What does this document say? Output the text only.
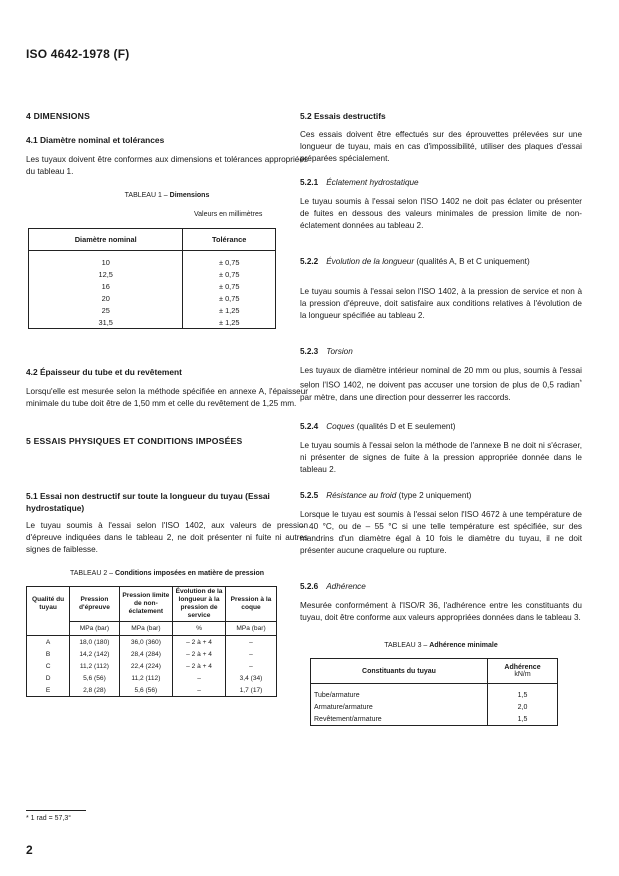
ISO 4642-1978 (F)
4 DIMENSIONS
4.1 Diamètre nominal et tolérances

Les tuyaux doivent être conformes aux dimensions et tolérances appropriées du tableau 1.

TABLEAU 1 – Dimensions
Valeurs en millimètres
Diamètre nominal	Tolérance

10	± 0,75
12,5	± 0,75
16	± 0,75
20	± 0,75
25	± 1,25
31,5	± 1,25
4.2 Épaisseur du tube et du revêtement

Lorsqu'elle est mesurée selon la méthode spécifiée en annexe A, l'épaisseur minimale du tube doit être de 1,50 mm et celle du revêtement de 1,25 mm.

5 ESSAIS PHYSIQUES ET CONDITIONS IMPOSÉES
5.1 Essai non destructif sur toute la longueur du tuyau (Essai hydrostatique)

Le tuyau soumis à l'essai selon l'ISO 1402, aux valeurs de pression d'épreuve indiquées dans le tableau 2, ne doit présenter ni fuite ni autres signes de faiblesse.

TABLEAU 2 – Conditions imposées en matière de pression
Qualité du tuyau	Pression d'épreuve	Pression limite de non-éclatement	Évolution de la longueur à la pression de service	Pression à la coque
	MPa (bar)	MPa (bar)	%	MPa (bar)
A	18,0 (180)	36,0 (360)	– 2 à + 4	–
B	14,2 (142)	28,4 (284)	– 2 à + 4	–
C	11,2 (112)	22,4 (224)	– 2 à + 4	–
D	5,6 (56)	11,2 (112)	–	3,4 (34)
E	2,8 (28)	5,6 (56)	–	1,7 (17)
5.2 Essais destructifs

Ces essais doivent être effectués sur des éprouvettes prélevées sur une longueur de tuyau, mais en cas d'impossibilité, utiliser des plaques d'essai préparées spécialement.

5.2.1 Éclatement hydrostatique

Le tuyau soumis à l'essai selon l'ISO 1402 ne doit pas éclater ou présenter de fuites en dessous des valeurs minimales de pression limite de non-éclatement données au tableau 2.

5.2.2 Évolution de la longueur (qualités A, B et C uniquement)

Le tuyau soumis à l'essai selon l'ISO 1402, à la pression de service et non à la pression d'épreuve, doit satisfaire aux conditions relatives à l'évolution de la longueur spécifiée au tableau 2.

5.2.3 Torsion

Les tuyaux de diamètre intérieur nominal de 20 mm ou plus, soumis à l'essai selon l'ISO 1402, ne doivent pas accuser une torsion de plus de 0,5 radian* par mètre, dans une direction pour desserrer les raccords.

5.2.4 Coques (qualités D et E seulement)

Le tuyau soumis à l'essai selon la méthode de l'annexe B ne doit ni s'écraser, ni présenter de signes de fuite à la pression appropriée donnée dans le tableau 2.

5.2.5 Résistance au froid (type 2 uniquement)

Lorsque le tuyau est soumis à l'essai selon l'ISO 4672 à une température de – 40 °C, ou de – 55 °C si une telle température est spécifiée, sur des mandrins d'un diamètre égal à 10 fois le diamètre du tuyau, il ne doit présenter aucune craquelure ou rupture.

5.2.6 Adhérence

Mesurée conformément à l'ISO/R 36, l'adhérence entre les constituants du tuyau, doit être conforme aux valeurs appropriées données dans le tableau 3.

TABLEAU 3 – Adhérence minimale
Constituants du tuyau	Adhérence
kN/m

Tube/armature	1,5
Armature/armature	2,0
Revêtement/armature	1,5
* 1 rad = 57,3°
2
